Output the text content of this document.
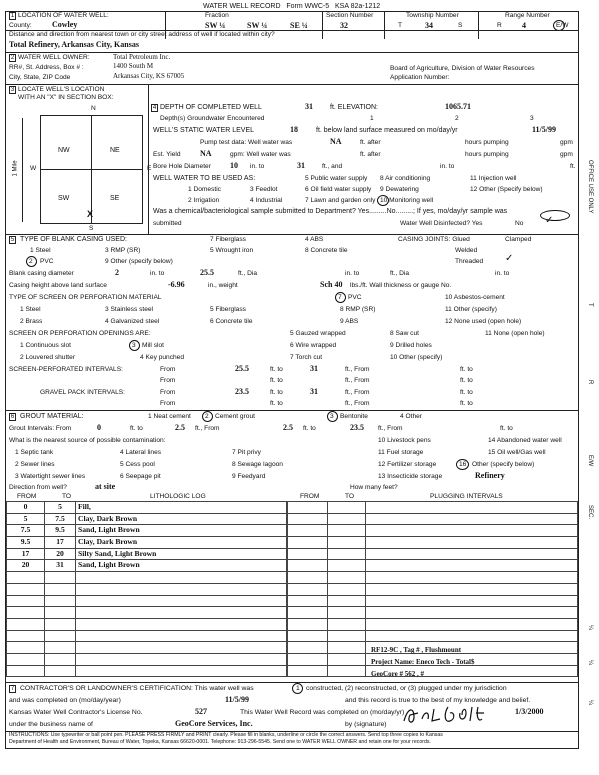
WATER WELL RECORD Form WWC-5 KSA 82a-1212
1 LOCATION OF WATER WELL:
County:	Cowley
Fraction
SW ¼	SW ¼	SE ¼
Section Number
32
Township Number
T	34	S
Range Number
R	4	E/W
Distance and direction from nearest town or city street address of well if located within city?
Total Refinery, Arkansas City, Kansas
2 WATER WELL OWNER:	Total Petroleum Inc.
RR#, St. Address, Box # :	1400 South M
City, State, ZIP Code	Arkansas City, KS 67005
Board of Agriculture, Division of Water Resources
Application Number:
3 LOCATE WELL'S LOCATION
WITH AN "X" IN SECTION BOX:
N
NW	NE
SW	SE
W	E
S
X
1 Mile
4 DEPTH OF COMPLETED WELL	31 ft. ELEVATION:	1065.71
Depth(s) Groundwater Encountered	1	2	3
WELL'S STATIC WATER LEVEL	18	ft. below land surface measured on mo/day/yr	11/5/99
Pump test data: Well water was	NA	ft. after	hours pumping	gpm
Est. Yield NA	gpm: Well water was	ft. after	hours pumping	gpm
Bore Hole Diameter 10 in. to	31	ft., and	in. to	ft.
WELL WATER TO BE USED AS:	5 Public water supply 8 Air conditioning	11 Injection well
1 Domestic	3 Feedlot	6 Oil field water supply 9 Dewatering	12 Other (Specify below)
2 Irrigation	4 Industrial	7 Lawn and garden only 10 Monitoring well
Was a chemical/bacteriological sample submitted to Department? Yes.........No.........; If yes, mo/day/yr sample was
submitted	Water Well Disinfected? Yes	No ✓
5 TYPE OF BLANK CASING USED:	7 Fiberglass	4 ABS	CASING JOINTS: Glued	Clamped
1 Steel	3 RMP (SR)	5 Wrought iron	8 Concrete tile	Welded
2 PVC	9 Other (specify below)	Threaded ✓
Blank casing diameter	2	in. to	25.5	ft., Dia	in. to	ft., Dia	in. to
Casing height above land surface	-6.96	in., weight	Sch 40 lbs./ft. Wall thickness or gauge No.
TYPE OF SCREEN OR PERFORATION MATERIAL	7 PVC	10 Asbestos-cement
1 Steel	3 Stainless steel	5 Fiberglass	8 RMP (SR)	11 Other (specify)
2 Brass	4 Galvanized steel	6 Concrete tile	9 ABS	12 None used (open hole)
SCREEN OR PERFORATION OPENINGS ARE:	5 Gauzed wrapped	8 Saw cut	11 None (open hole)
1 Continuous slot	3 Mill slot	6 Wire wrapped	9 Drilled holes
2 Louvered shutter	4 Key punched	7 Torch cut	10 Other (specify)
SCREEN-PERFORATED INTERVALS:	From	25.5	ft. to	31	ft., From	ft. to
From	ft. to	ft., From	ft. to
GRAVEL PACK INTERVALS:	From	23.5	ft. to	31	ft., From	ft. to
From	ft. to	ft., From	ft. to
6 GROUT MATERIAL:	1 Neat cement 2 Cement grout	3 Bentonite	4 Other
Grout Intervals: From	0	ft. to	2.5 ft., From	2.5 ft. to	23.5 ft., From	ft. to
What is the nearest source of possible contamination:	10 Livestock pens	14 Abandoned water well
1 Septic tank	4 Lateral lines	7 Pit privy	11 Fuel storage	15 Oil well/Gas well
2 Sewer lines	5 Cess pool	8 Sewage lagoon	12 Fertilizer storage	16 Other (specify below)
3 Watertight sewer lines	6 Seepage pit	9 Feedyard	13 Insecticide storage	Refinery
Direction from well?	at site	How many feet?
FROM	TO	LITHOLOGIC LOG	FROM	TO	PLUGGING INTERVALS
0	5	Fill,
5	7.5	Clay, Dark Brown
7.5	9.5	Sand, Light Brown
9.5	17	Clay, Dark Brown
17	20	Silty Sand, Light Brown
20	31	Sand, Light Brown

RF12-9C , Tag # , Flushmount
Project Name: Eneco Tech - Total$
GeoCore # 562 , #
7 CONTRACTOR'S OR LANDOWNER'S CERTIFICATION: This water well was	1 constructed, (2) reconstructed, or (3) plugged under my jurisdiction
and was completed on (mo/day/year)	11/5/99	and this record is true to the best of my knowledge and belief.
Kansas Water Well Contractor's License No.	527	This Water Well Record was completed on (mo/day/yr)	1/3/2000
under the business name of	GeoCore Services, Inc.	by (signature)
INSTRUCTIONS: Use typewriter or ball point pen. PLEASE PRESS FIRMLY and PRINT clearly. Please fill in blanks, underline or circle the correct answers. Send top three copies to Kansas
Department of Health and Environment, Bureau of Water, Topeka, Kansas 66620-0001. Telephone: 913-296-5545. Send one to WATER WELL OWNER and retain one for your records.
OFFICE USE ONLY
T
R
E/W
SEC.
¼
¼
¼
